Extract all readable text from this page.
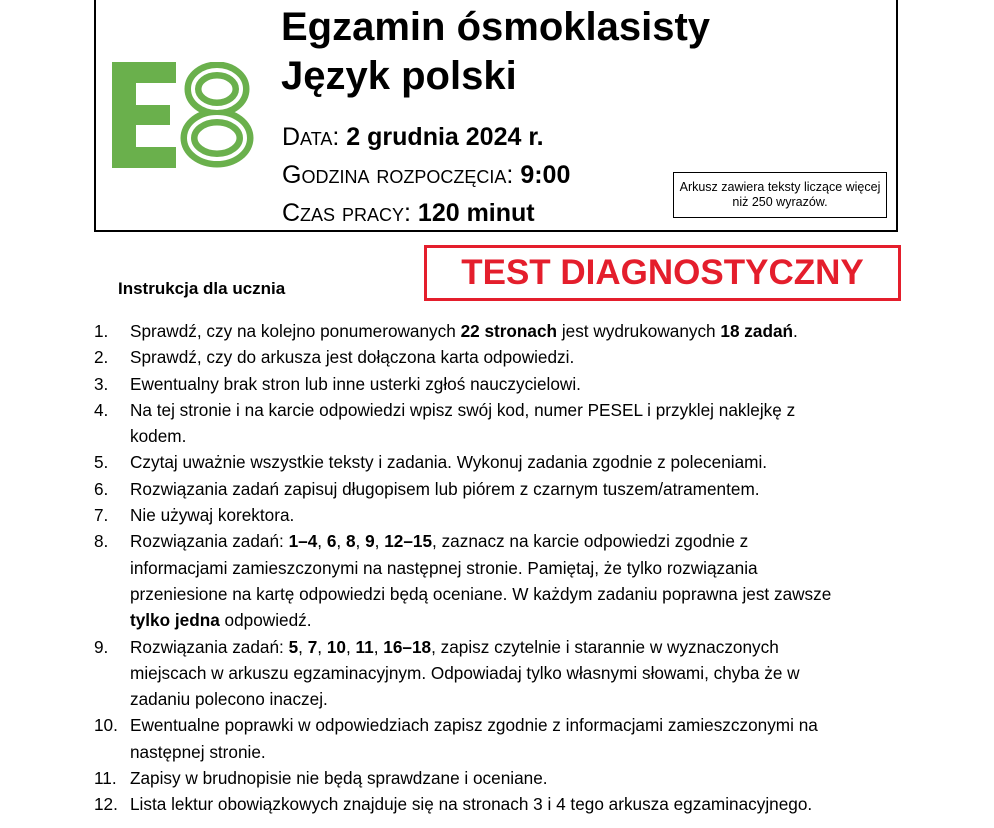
Egzamin ósmoklasisty
Język polski
Data: 2 grudnia 2024 r.
Godzina rozpoczęcia: 9:00
Czas pracy: 120 minut
Arkusz zawiera teksty liczące więcej niż 250 wyrazów.
TEST DIAGNOSTYCZNY
Instrukcja dla ucznia
1.	Sprawdź, czy na kolejno ponumerowanych 22 stronach jest wydrukowanych 18 zadań.
2.	Sprawdź, czy do arkusza jest dołączona karta odpowiedzi.
3.	Ewentualny brak stron lub inne usterki zgłoś nauczycielowi.
4.	Na tej stronie i na karcie odpowiedzi wpisz swój kod, numer PESEL i przyklej naklejkę z kodem.
5.	Czytaj uważnie wszystkie teksty i zadania. Wykonuj zadania zgodnie z poleceniami.
6.	Rozwiązania zadań zapisuj długopisem lub piórem z czarnym tuszem/atramentem.
7.	Nie używaj korektora.
8.	Rozwiązania zadań: 1–4, 6, 8, 9, 12–15, zaznacz na karcie odpowiedzi zgodnie z informacjami zamieszczonymi na następnej stronie. Pamiętaj, że tylko rozwiązania przeniesione na kartę odpowiedzi będą oceniane. W każdym zadaniu poprawna jest zawsze tylko jedna odpowiedź.
9.	Rozwiązania zadań: 5, 7, 10, 11, 16–18, zapisz czytelnie i starannie w wyznaczonych miejscach w arkuszu egzaminacyjnym. Odpowiadaj tylko własnymi słowami, chyba że w zadaniu polecono inaczej.
10. Ewentualne poprawki w odpowiedziach zapisz zgodnie z informacjami zamieszczonymi na następnej stronie.
11. Zapisy w brudnopisie nie będą sprawdzane i oceniane.
12. Lista lektur obowiązkowych znajduje się na stronach 3 i 4 tego arkusza egzaminacyjnego.
